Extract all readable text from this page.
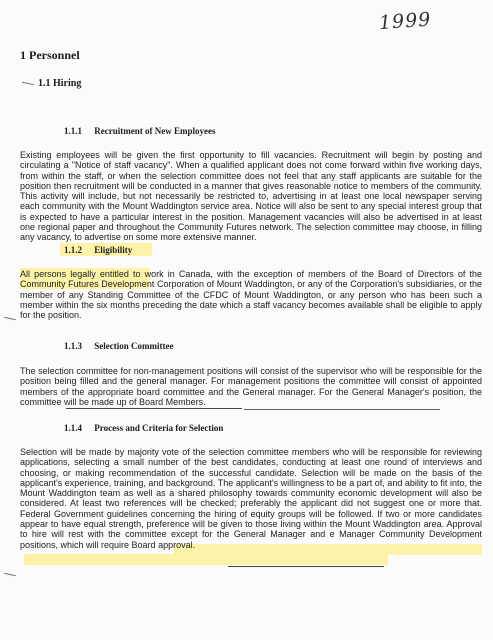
1999
1 Personnel
1.1 Hiring
1.1.1 Recruitment of New Employees
Existing employees will be given the first opportunity to fill vacancies. Recruitment will begin by posting and circulating a "Notice of staff vacancy". When a qualified applicant does not come forward within five working days, from within the staff, or when the selection committee does not feel that any staff applicants are suitable for the position then recruitment will be conducted in a manner that gives reasonable notice to members of the community. This activity will include, but not necessarily be restricted to, advertising in at least one local newspaper serving each community with the Mount Waddington service area. Notice will also be sent to any special interest group that is expected to have a particular interest in the position. Management vacancies will also be advertised in at least one regional paper and throughout the Community Futures network. The selection committee may choose, in filling any vacancy, to advertise on some more extensive manner.
1.1.2 Eligibility
All persons legally entitled to work in Canada, with the exception of members of the Board of Directors of the Community Futures Development Corporation of Mount Waddington, or any of the Corporation's subsidiaries, or the member of any Standing Committee of the CFDC of Mount Waddington, or any person who has been such a member within the six months preceding the date which a staff vacancy becomes available shall be eligible to apply for the position.
1.1.3 Selection Committee
The selection committee for non-management positions will consist of the supervisor who will be responsible for the position being filled and the general manager. For management positions the committee will consist of appointed members of the appropriate board committee and the General manager. For the General Manager's position, the committee will be made up of Board Members.
1.1.4 Process and Criteria for Selection
Selection will be made by majority vote of the selection committee members who will be responsible for reviewing applications, selecting a small number of the best candidates, conducting at least one round of interviews and choosing, or making recommendation of the successful candidate. Selection will be made on the basis of the applicant's experience, training, and background. The applicant's willingness to be a part of, and ability to fit into, the Mount Waddington team as well as a shared philosophy towards community economic development will also be considered. At least two references will be checked; preferably the applicant did not suggest one or more that. Federal Government guidelines concerning the hiring of equity groups will be followed. If two or more candidates appear to have equal strength, preference will be given to those living within the Mount Waddington area. Approval to hire will rest with the committee except for the General Manager and e Manager Community Development positions, which will require Board approval.
